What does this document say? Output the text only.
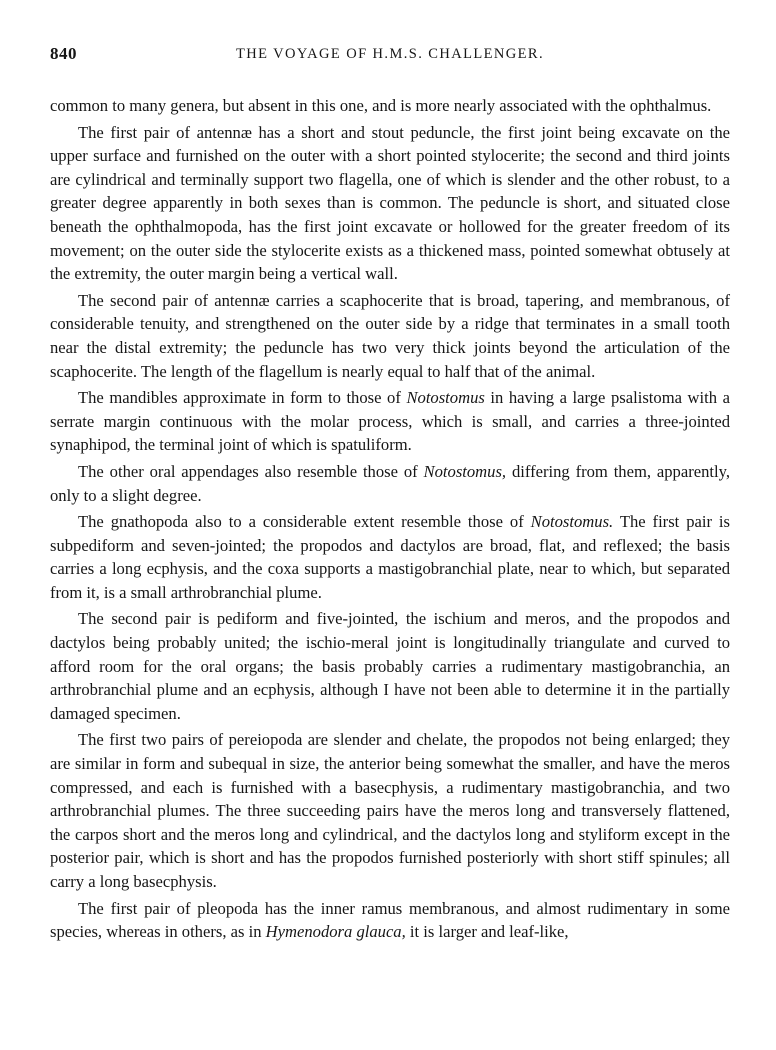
840	THE VOYAGE OF H.M.S. CHALLENGER.

common to many genera, but absent in this one, and is more nearly associated with the ophthalmus.

The first pair of antennæ has a short and stout peduncle, the first joint being excavate on the upper surface and furnished on the outer with a short pointed stylocerite; the second and third joints are cylindrical and terminally support two flagella, one of which is slender and the other robust, to a greater degree apparently in both sexes than is common. The peduncle is short, and situated close beneath the ophthalmopoda, has the first joint excavate or hollowed for the greater freedom of its movement; on the outer side the stylocerite exists as a thickened mass, pointed somewhat obtusely at the extremity, the outer margin being a vertical wall.

The second pair of antennæ carries a scaphocerite that is broad, tapering, and membranous, of considerable tenuity, and strengthened on the outer side by a ridge that terminates in a small tooth near the distal extremity; the peduncle has two very thick joints beyond the articulation of the scaphocerite. The length of the flagellum is nearly equal to half that of the animal.

The mandibles approximate in form to those of Notostomus in having a large psalistoma with a serrate margin continuous with the molar process, which is small, and carries a three-jointed synaphipod, the terminal joint of which is spatuliform.

The other oral appendages also resemble those of Notostomus, differing from them, apparently, only to a slight degree.

The gnathopoda also to a considerable extent resemble those of Notostomus. The first pair is subpediform and seven-jointed; the propodos and dactylos are broad, flat, and reflexed; the basis carries a long ecphysis, and the coxa supports a mastigobranchial plate, near to which, but separated from it, is a small arthrobranchial plume.

The second pair is pediform and five-jointed, the ischium and meros, and the propodos and dactylos being probably united; the ischio-meral joint is longitudinally triangulate and curved to afford room for the oral organs; the basis probably carries a rudimentary mastigobranchia, an arthrobranchial plume and an ecphysis, although I have not been able to determine it in the partially damaged specimen.

The first two pairs of pereiopoda are slender and chelate, the propodos not being enlarged; they are similar in form and subequal in size, the anterior being somewhat the smaller, and have the meros compressed, and each is furnished with a basecphysis, a rudimentary mastigobranchia, and two arthrobranchial plumes. The three succeeding pairs have the meros long and transversely flattened, the carpos short and the meros long and cylindrical, and the dactylos long and styliform except in the posterior pair, which is short and has the propodos furnished posteriorly with short stiff spinules; all carry a long basecphysis.

The first pair of pleopoda has the inner ramus membranous, and almost rudimentary in some species, whereas in others, as in Hymenodora glauca, it is larger and leaf-like,
